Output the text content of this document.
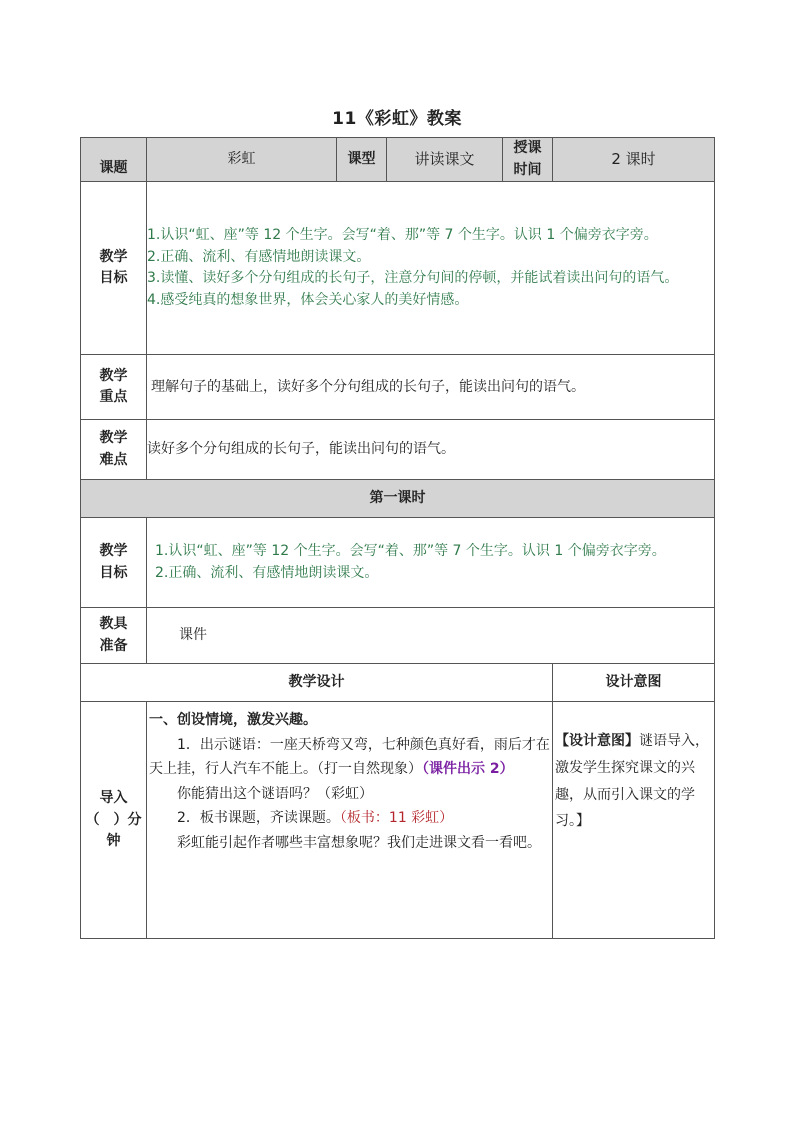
11《彩虹》教案
课题	彩虹	课型	讲读课文	授课时间	2 课时
教学目标	1.认识“虹、座”等 12 个生字。会写“着、那”等 7 个生字。认识 1 个偏旁衣字旁。

2.正确、流利、有感情地朗读课文。

3.读懂、读好多个分句组成的长句子，注意分句间的停顿，并能试着读出问句的语气。

4.感受纯真的想象世界，体会关心家人的美好情感。				

教学重点	理解句子的基础上，读好多个分句组成的长句子，能读出问句的语气。				
教学难点	读好多个分句组成的长句子，能读出问句的语气。				
第一课时					
教学目标	1.认识“虹、座”等 12 个生字。会写“着、那”等 7 个生字。认识 1 个偏旁衣字旁。

2.正确、流利、有感情地朗读课文。				

教具准备	课件				
教学设计					设计意图
导入（　）分钟	一、创设情境，激发兴趣。

1．出示谜语：一座天桥弯又弯，七种颜色真好看，雨后才在天上挂，行人汽车不能上。（打一自然现象）（课件出示 2）

你能猜出这个谜语吗？（彩虹）

2．板书课题，齐读课题。（板书：11 彩虹）

彩虹能引起作者哪些丰富想象呢？我们走进课文看一看吧。				【设计意图】谜语导入，激发学生探究课文的兴趣，从而引入课文的学习。】
